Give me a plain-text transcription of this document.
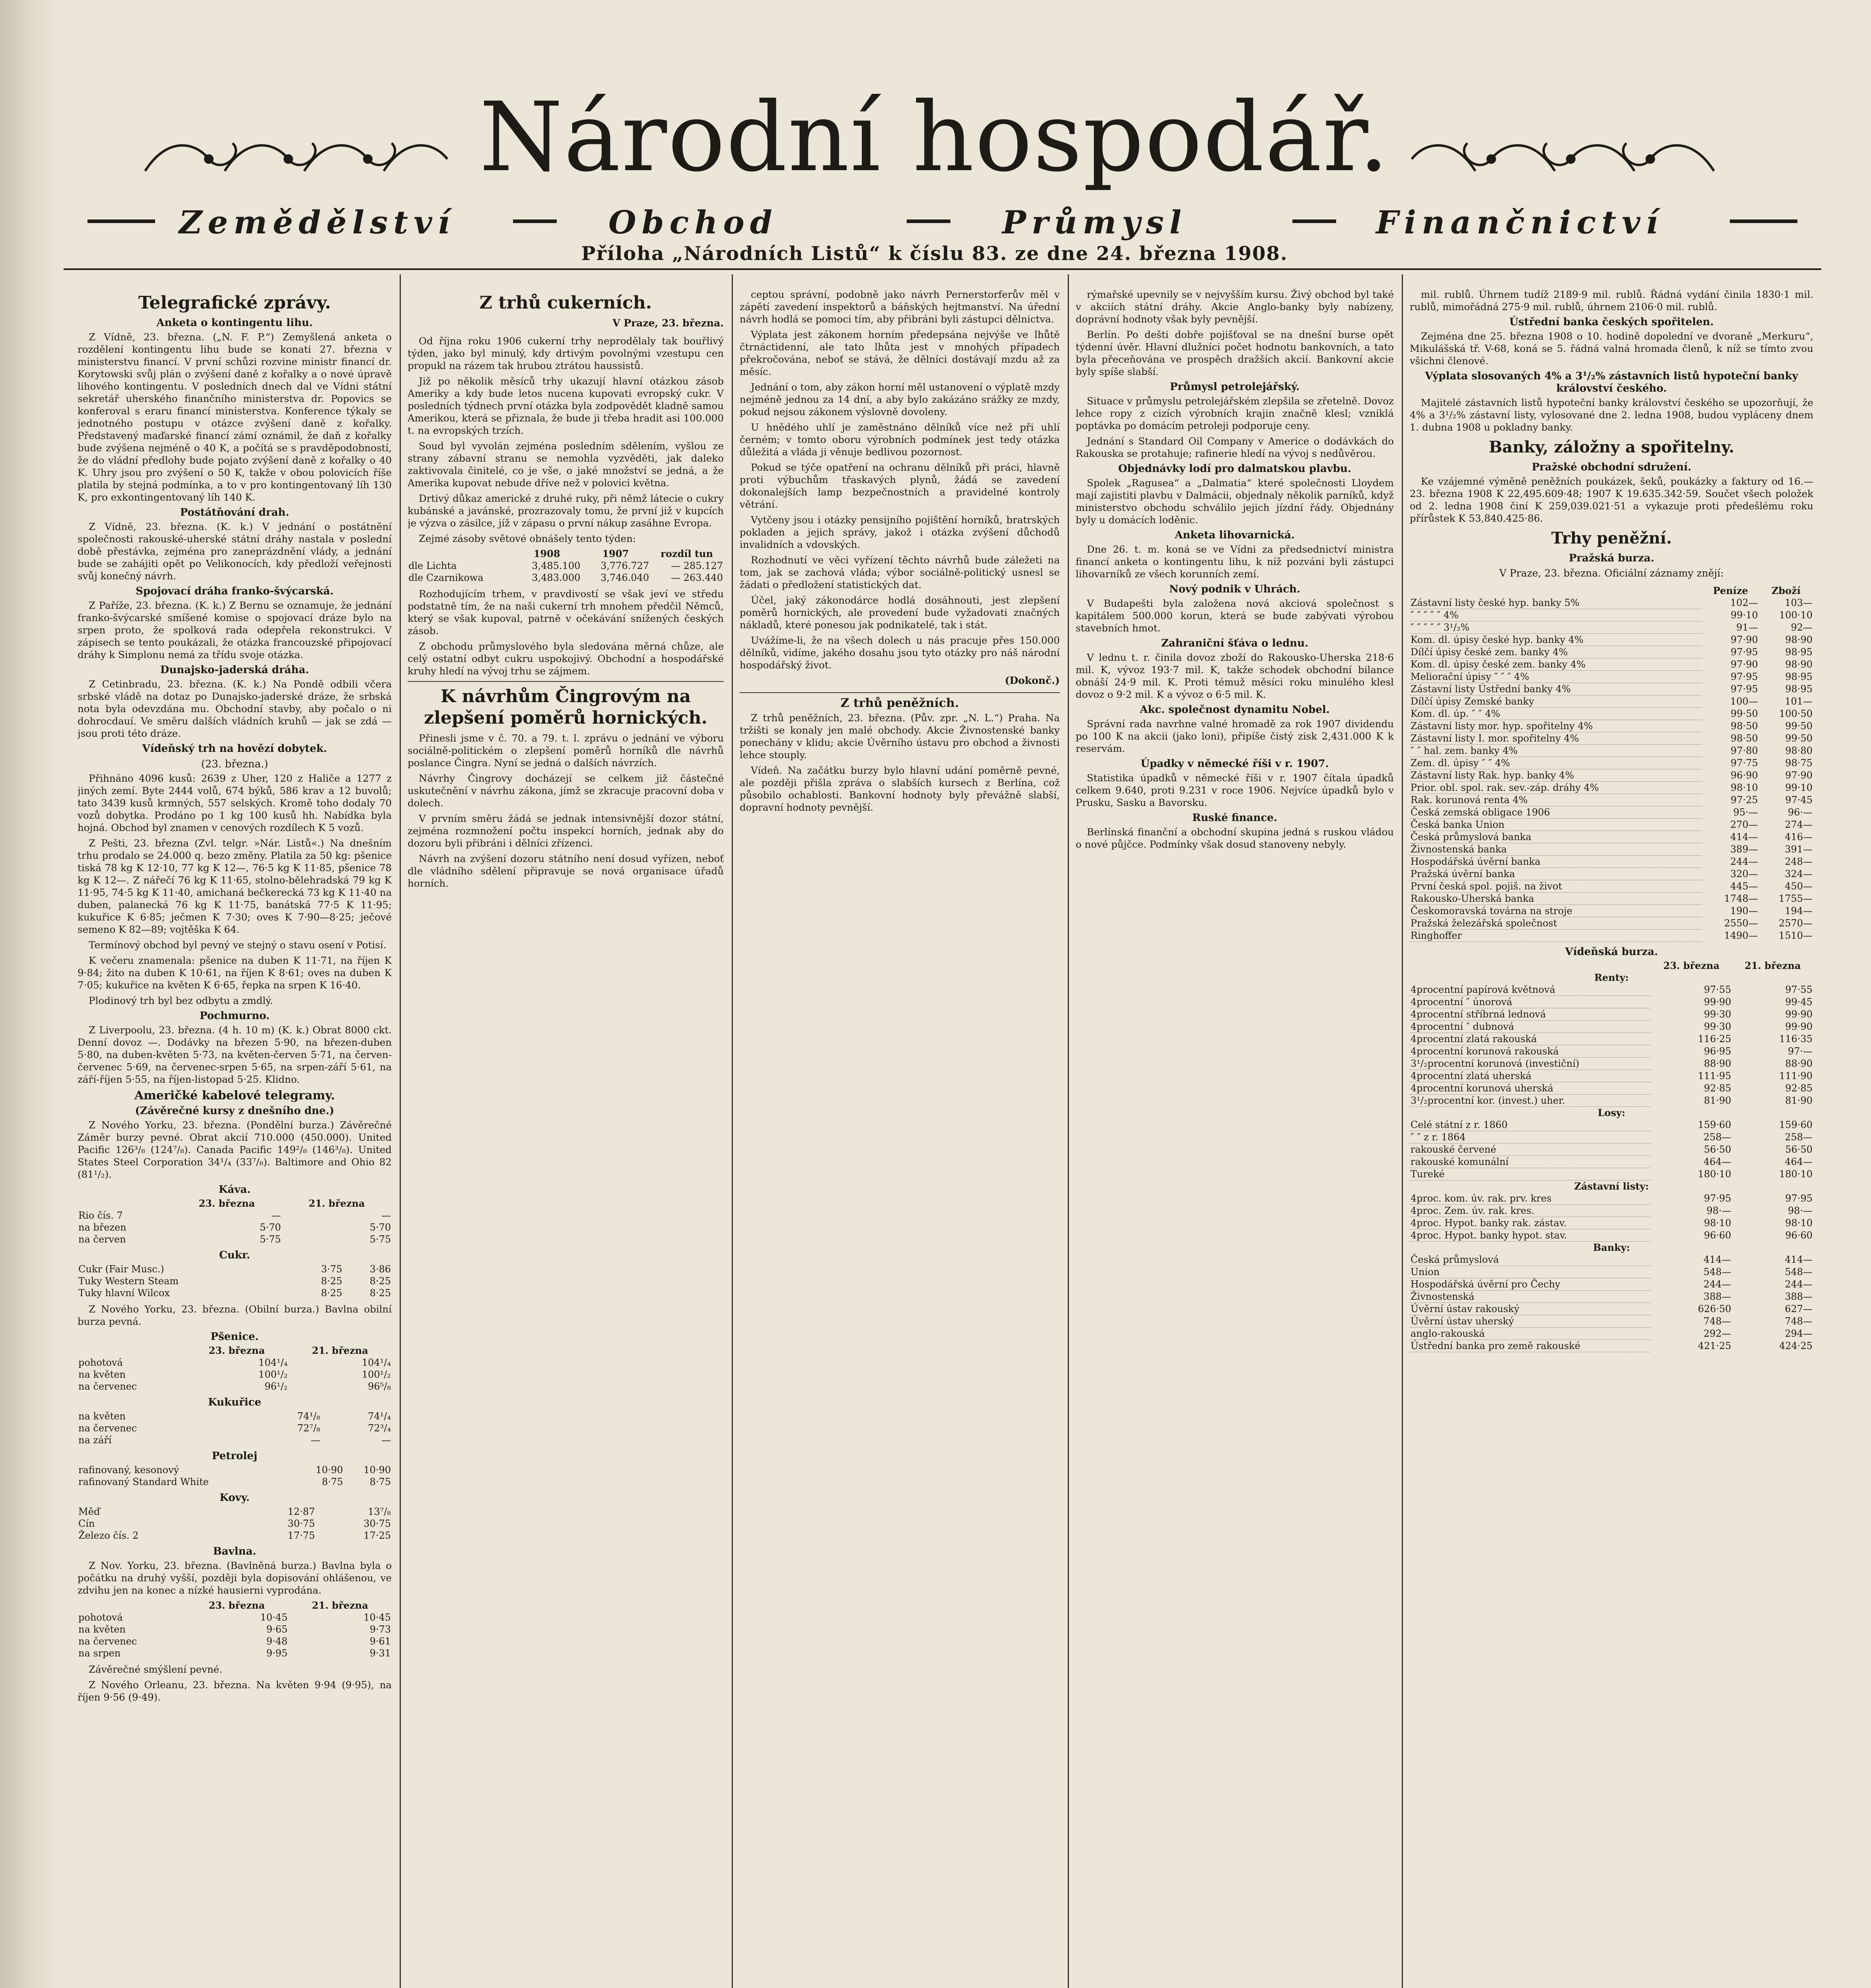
Národní hospodář.
Zemědělství	Obchod	Průmysl	Finančnictví
Příloha „Národních Listů“ k číslu 83. ze dne 24. března 1908.
Telegrafické zprávy.
Anketa o kontingentu lihu.

Z Vídně, 23. března. („N. F. P.“) Zemyšlená anketa o rozdělení kontingentu lihu bude se konati 27. března v ministerstvu financí. V první schůzi rozvine ministr financí dr. Korytowski svůj plán o zvýšení daně z kořalky a o nové úpravě lihového kontingentu. V posledních dnech dal ve Vídni státní sekretář uherského finančního ministerstva dr. Popovics se konferoval s eraru financí ministerstva. Konference týkaly se jednotného postupu v otázce zvýšení daně z kořalky. Představený maďarské financí zámí oznámil, že daň z kořalky bude zvýšena nejméně o 40 K, a počítá se s pravděpodobností, že do vládní předlohy bude pojato zvýšení daně z kořalky o 40 K. Uhry jsou pro zvýšení o 50 K, takže v obou polovicích říše platila by stejná podmínka, a to v pro kontingentovaný líh 130 K, pro exkontingentovaný líh 140 K.

Postátňování drah.

Z Vídně, 23. března. (K. k.) V jednání o postátnění společnosti rakouské-uherské státní dráhy nastala v poslední době přestávka, zejména pro zaneprázdnění vlády, a jednání bude se zahájiti opět po Velikonocích, kdy předloží veřejnosti svůj konečný návrh.

Spojovací dráha franko-švýcarská.

Z Paříže, 23. března. (K. k.) Z Bernu se oznamuje, že jednání franko-švýcarské smíšené komise o spojovací dráze bylo na srpen proto, že spolková rada odepřela rekonstrukci. V zápisech se tento poukázali, že otázka francouzské připojovací dráhy k Simplonu nemá za třídu svoje otázka.

Dunajsko-jaderská dráha.

Z Cetinbradu, 23. března. (K. k.) Na Pondě odbili včera srbské vládě na dotaz po Dunajsko-jaderské dráze, že srbská nota byla odevzdána mu. Obchodní stavby, aby počalo o ni dohrocdauí. Ve směru dalších vládních kruhů — jak se zdá — jsou proti této dráze.

Vídeňský trh na hovězí dobytek.
(23. března.)

Přihnáno 4096 kusů: 2639 z Uher, 120 z Haliče a 1277 z jiných zemí. Byte 2444 volů, 674 býků, 586 krav a 12 buvolů; tato 3439 kusů krmných, 557 selských. Kromě toho dodaly 70 vozů dobytka. Prodáno po 1 kg 100 kusů hh. Nabídka byla hojná. Obchod byl znamen v cenových rozdílech K 5 vozů.

Z Pešti, 23. března (Zvl. telgr. »Nár. Listů«.) Na dnešním trhu prodalo se 24.000 q. bezo změny. Platila za 50 kg: pšenice tiská 78 kg K 12·10, 77 kg K 12—, 76·5 kg K 11·85, pšenice 78 kg K 12—. Z nářečí 76 kg K 11·65, stolno-bělehradská 79 kg K 11·95, 74·5 kg K 11·40, amichaná bečkerecká 73 kg K 11·40 na duben, palanecká 76 kg K 11·75, banátská 77·5 K 11·95; kukuřice K 6·85; ječmen K 7·30; oves K 7·90—8·25; ječové semeno K 82—89; vojtěška K 64.

Termínový obchod byl pevný ve stejný o stavu osení v Potisí.

K večeru znamenala: pšenice na duben K 11·71, na říjen K 9·84; žito na duben K 10·61, na říjen K 8·61; oves na duben K 7·05; kukuřice na květen K 6·65, řepka na srpen K 16·40.

Plodinový trh byl bez odbytu a zmdlý.

Pochmurno.

Z Liverpoolu, 23. března. (4 h. 10 m) (K. k.) Obrat 8000 ckt. Denní dovoz —. Dodávky na březen 5·90, na březen-duben 5·80, na duben-květen 5·73, na květen-červen 5·71, na červen-červenec 5·69, na červenec-srpen 5·65, na srpen-září 5·61, na září-říjen 5·55, na říjen-listopad 5·25. Klidno.

Američké kabelové telegramy.
(Závěrečné kursy z dnešního dne.)

Z Nového Yorku, 23. března. (Pondělní burza.) Závěrečné Záměr burzy pevné. Obrat akcií 710.000 (450.000). United Pacific 126³/₈ (124⁷/₈). Canada Pacific 149²/₈ (146³/₈). United States Steel Corporation 34¹/₄ (33⁷/₈). Baltimore and Ohio 82 (81¹/₂).

Káva.
	23. března	21. března
Rio čís. 7	—	—
na březen	5·70	5·70
na červen	5·75	5·75
Cukr.
Cukr (Fair Musc.)	3·75	3·86
Tuky Western Steam	8·25	8·25
Tuky hlavní Wilcox	8·25	8·25

Z Nového Yorku, 23. března. (Obilní burza.) Bavlna obilní burza pevná.

Pšenice.
	23. března	21. března
pohotová	104¹/₄	104¹/₄
na květen	100¹/₂	100¹/₂
na červenec	96¹/₂	96⁵/₈
Kukuřice
na květen	74¹/₈	74¹/₄
na červenec	72⁷/₈	72³/₄
na září	—	—
Petrolej
rafinovaný, kesonový	10·90	10·90
rafinovaný Standard White	8·75	8·75
Kovy.
Měď	12·87	13⁷/₈
Cín	30·75	30·75
Železo čís. 2	17·75	17·25
Bavlna.

Z Nov. Yorku, 23. března. (Bavlněná burza.) Bavlna byla o počátku na druhý vyšší, později byla dopisování ohlášenou, ve zdvihu jen na konec a nízké hausierni vyprodána.

	23. března	21. března
pohotová	10·45	10·45
na květen	9·65	9·73
na červenec	9·48	9·61
na srpen	9·95	9·31

Závěrečné smýšlení pevné.

Z Nového Orleanu, 23. března. Na květen 9·94 (9·95), na říjen 9·56 (9·49).

Z trhů cukerních.

V Praze, 23. března.

Od října roku 1906 cukerní trhy neprodělaly tak bouřlivý týden, jako byl minulý, kdy drtivým povolnými vzestupu cen propukl na rázem tak hrubou ztrátou haussistů.

Již po několik měsíců trhy ukazují hlavní otázkou zásob Ameriky a kdy bude letos nucena kupovati evropský cukr. V posledních týdnech první otázka byla zodpovědět kladně samou Amerikou, která se přiznala, že bude ji třeba hradit asi 100.000 t. na evropských trzích.

Soud byl vyvolán zejména posledním sdělením, vyšlou ze strany zábavní stranu se nemohla vyzvěděti, jak daleko zaktivovala činitelé, co je vše, o jaké množství se jedná, a že Amerika kupovat nebude dříve než v polovici května.

Drtivý důkaz americké z druhé ruky, při němž látecie o cukry kubánské a javánské, prozrazovaly tomu, že první již v kupcích je výzva o zásilce, jíž v zápasu o první nákup zasáhne Evropa.

Zejmé zásoby světové obnášely tento týden:

	1908	1907	rozdíl tun
dle Lichta	3,485.100	3,776.727	— 285.127
dle Czarnikowa	3,483.000	3,746.040	— 263.440

Rozhodujícím trhem, v pravdivostí se však jeví ve středu podstatně tím, že na naši cukerní trh mnohem předčil Němců, který se však kupoval, patrně v očekávání snížených českých zásob.

Z obchodu průmyslového byla sledována měrná chůze, ale celý ostatní odbyt cukru uspokojivý. Obchodní a hospodářské kruhy hledí na vývoj trhu se zájmem.

K návrhům Čingrovým na zlepšení poměrů hornických.

Přinesli jsme v č. 70. a 79. t. l. zprávu o jednání ve výboru sociálně-politickém o zlepšení poměrů horníků dle návrhů poslance Čingra. Nyní se jedná o dalších návrzích.

Návrhy Čingrovy docházejí se celkem již částečné uskutečnění v návrhu zákona, jímž se zkracuje pracovní doba v dolech.

V prvním směru žádá se jednak intensivnější dozor státní, zejména rozmnožení počtu inspekcí horních, jednak aby do dozoru byli přibráni i dělníci zřízenci.

Návrh na zvýšení dozoru státního není dosud vyřízen, neboť dle vládního sdělení připravuje se nová organisace úřadů horních.

ceptou správní, podobně jako návrh Pernerstorferův měl v zápětí zavedení inspektorů a báňských hejtmanství. Na úřední návrh hodlá se pomoci tím, aby přibráni byli zástupci dělnictva.

Výplata jest zákonem horním předepsána nejvýše ve lhůtě čtrnáctidenní, ale tato lhůta jest v mnohých případech překročována, neboť se stává, že dělníci dostávají mzdu až za měsíc.

Jednání o tom, aby zákon horní měl ustanovení o výplatě mzdy nejméně jednou za 14 dní, a aby bylo zakázáno srážky ze mzdy, pokud nejsou zákonem výslovně dovoleny.

U hnědého uhlí je zaměstnáno dělníků více než při uhlí černém; v tomto oboru výrobních podmínek jest tedy otázka důležitá a vláda ji věnuje bedlivou pozornost.

Pokud se týče opatření na ochranu dělníků při práci, hlavně proti výbuchům třaskavých plynů, žádá se zavedení dokonalejších lamp bezpečnostních a pravidelné kontroly větrání.

Vytčeny jsou i otázky pensijního pojištění horníků, bratrských pokladen a jejich správy, jakož i otázka zvýšení důchodů invalidních a vdovských.

Rozhodnutí ve věci vyřízení těchto návrhů bude záležeti na tom, jak se zachová vláda; výbor sociálně-politický usnesl se žádati o předložení statistických dat.

Účel, jaký zákonodárce hodlá dosáhnouti, jest zlepšení poměrů hornických, ale provedení bude vyžadovati značných nákladů, které ponesou jak podnikatelé, tak i stát.

Uvážíme-li, že na všech dolech u nás pracuje přes 150.000 dělníků, vidíme, jakého dosahu jsou tyto otázky pro náš národní hospodářský život.

(Dokonč.)

Z trhů peněžních.

Z trhů peněžních, 23. března. (Pův. zpr. „N. L.“) Praha. Na tržišti se konaly jen malé obchody. Akcie Živnostenské banky ponechány v klidu; akcie Úvěrního ústavu pro obchod a živnosti lehce stouply.

Vídeň. Na začátku burzy bylo hlavní udání poměrně pevné, ale později přišla zpráva o slabších kursech z Berlína, což působilo ochablosti. Bankovní hodnoty byly převážně slabší, dopravní hodnoty pevnější.

rýmařské upevnily se v nejvyšším kursu. Živý obchod byl také v akciích státní dráhy. Akcie Anglo-banky byly nabízeny, doprávní hodnoty však byly pevnější.

Berlín. Po dešti dobře pojišťoval se na dnešní burse opět týdenní úvěr. Hlavní dlužníci počet hodnotu bankovních, a tato byla přeceňována ve prospěch dražších akcií. Bankovní akcie byly spíše slabší.

Průmysl petrolejářský.

Situace v průmyslu petrolejářském zlepšila se zřetelně. Dovoz lehce ropy z cizích výrobních krajin značně klesl; vzniklá poptávka po domácím petroleji podporuje ceny.

Jednání s Standard Oil Company v Americe o dodávkách do Rakouska se protahuje; rafinerie hledí na vývoj s nedůvěrou.

Objednávky lodí pro dalmatskou plavbu.

Spolek „Ragusea“ a „Dalmatia“ které společnosti Lloydem mají zajistiti plavbu v Dalmácii, objednaly několik parníků, když ministerstvo obchodu schválilo jejich jízdní řády. Objednány byly u domácích loděnic.

Anketa lihovarnická.

Dne 26. t. m. koná se ve Vídni za předsednictví ministra financí anketa o kontingentu lihu, k níž pozváni byli zástupci lihovarníků ze všech korunních zemí.

Nový podnik v Uhrách.

V Budapešti byla založena nová akciová společnost s kapitálem 500.000 korun, která se bude zabývati výrobou stavebních hmot.

Zahraniční šťáva o lednu.

V lednu t. r. činila dovoz zboží do Rakousko-Uherska 218·6 mil. K, vývoz 193·7 mil. K, takže schodek obchodní bilance obnáší 24·9 mil. K. Proti témuž měsíci roku minulého klesl dovoz o 9·2 mil. K a vývoz o 6·5 mil. K.

Akc. společnost dynamitu Nobel.

Správní rada navrhne valné hromadě za rok 1907 dividendu po 100 K na akcii (jako loni), připíše čistý zisk 2,431.000 K k reservám.

Úpadky v německé říši v r. 1907.

Statistika úpadků v německé říši v r. 1907 čítala úpadků celkem 9.640, proti 9.231 v roce 1906. Nejvíce úpadků bylo v Prusku, Sasku a Bavorsku.

Ruské finance.

Berlínská finanční a obchodní skupina jedná s ruskou vládou o nové půjčce. Podmínky však dosud stanoveny nebyly.

mil. rublů. Úhrnem tudíž 2189·9 mil. rublů. Řádná vydání činila 1830·1 mil. rublů, mimořádná 275·9 mil. rublů, úhrnem 2106·0 mil. rublů.

Ústřední banka českých spořitelen.

Zejména dne 25. března 1908 o 10. hodině dopolední ve dvoraně „Merkuru“, Mikulášská tř. V-68, koná se 5. řádná valná hromada členů, k níž se tímto zvou všichni členové.

Výplata slosovaných 4% a 3¹/₂% zástavních listů hypoteční banky království českého.

Majitelé zástavních listů hypoteční banky království českého se upozorňují, že 4% a 3¹/₂% zástavní listy, vylosované dne 2. ledna 1908, budou vypláceny dnem 1. dubna 1908 u pokladny banky.

Banky, záložny a spořitelny.
Pražské obchodní sdružení.

Ke vzájemné výměně peněžních poukázek, šeků, poukázky a faktury od 16.—23. března 1908 K 22,495.609·48; 1907 K 19.635.342·59. Součet všech položek od 2. ledna 1908 činí K 259,039.021·51 a vykazuje proti předešlému roku přírůstek K 53,840.425·86.

Trhy peněžní.
Pražská burza.

V Praze, 23. března. Oficiální záznamy znějí:

	Peníze	Zboží
Zástavní listy české hyp. banky 5%	102—	103—
″ ″ ″ ″ ″ 4%	99·10	100·10
″ ″ ″ ″ ″ 3¹/₂%	91—	92—
Kom. dl. úpisy české hyp. banky 4%	97·90	98·90
Dílčí úpisy české zem. banky 4%	97·95	98·95
Kom. dl. úpisy české zem. banky 4%	97·90	98·90
Meliorační úpisy ″ ″ ″ 4%	97·95	98·95
Zástavní listy Ústřední banky 4%	97·95	98·95
Dílčí úpisy Zemské banky	100—	101—
Kom. dl. úp. ″ ″ 4%	99·50	100·50
Zástavní listy mor. hyp. spořitelny 4%	98·50	99·50
Zástavní listy I. mor. spořitelny 4%	98·50	99·50
″ ″ hal. zem. banky 4%	97·80	98·80
Zem. dl. úpisy ″ ″ 4%	97·75	98·75
Zástavní listy Rak. hyp. banky 4%	96·90	97·90
Prior. obl. spol. rak. sev.-záp. dráhy 4%	98·10	99·10
Rak. korunová renta 4%	97·25	97·45
Česká zemská obligace 1906	95·—	96·—
Česká banka Union	270—	274—
Česká průmyslová banka	414—	416—
Živnostenská banka	389—	391—
Hospodářská úvěrní banka	244—	248—
Pražská úvěrní banka	320—	324—
První česká spol. pojiš. na život	445—	450—
Rakousko-Uherská banka	1748—	1755—
Českomoravská továrna na stroje	190—	194—
Pražská železářská společnost	2550—	2570—
Ringhoffer	1490—	1510—
Vídeňská burza.
	23. března	21. března
Renty:		
4procentní papírová květnová	97·55	97·55
4procentní ″ únorová	99·90	99·45
4procentní stříbrná lednová	99·30	99·90
4procentní ″ dubnová	99·30	99·90
4procentní zlatá rakouská	116·25	116·35
4procentní korunová rakouská	96·95	97·—
3¹/₂procentní korunová (investiční)	88·90	88·90
4procentní zlatá uherská	111·95	111·90
4procentní korunová uherská	92·85	92·85
3¹/₂procentní kor. (invest.) uher.	81·90	81·90
Losy:		
Celé státní z r. 1860	159·60	159·60
″ ″ z r. 1864	258—	258—
rakouské červené	56·50	56·50
rakouské komunální	464—	464—
Tureké	180·10	180·10
Zástavní listy:		
4proc. kom. úv. rak. prv. kres	97·95	97·95
4proc. Zem. úv. rak. kres.	98·—	98·—
4proc. Hypot. banky rak. zástav.	98·10	98·10
4proc. Hypot. banky hypot. stav.	96·60	96·60
Banky:		
Česká průmyslová	414—	414—
Union	548—	548—
Hospodářská úvěrní pro Čechy	244—	244—
Živnostenská	388—	388—
Úvěrní ústav rakouský	626·50	627—
Úvěrní ústav uherský	748—	748—
anglo-rakouská	292—	294—
Ústřední banka pro země rakouské	421·25	424·25
